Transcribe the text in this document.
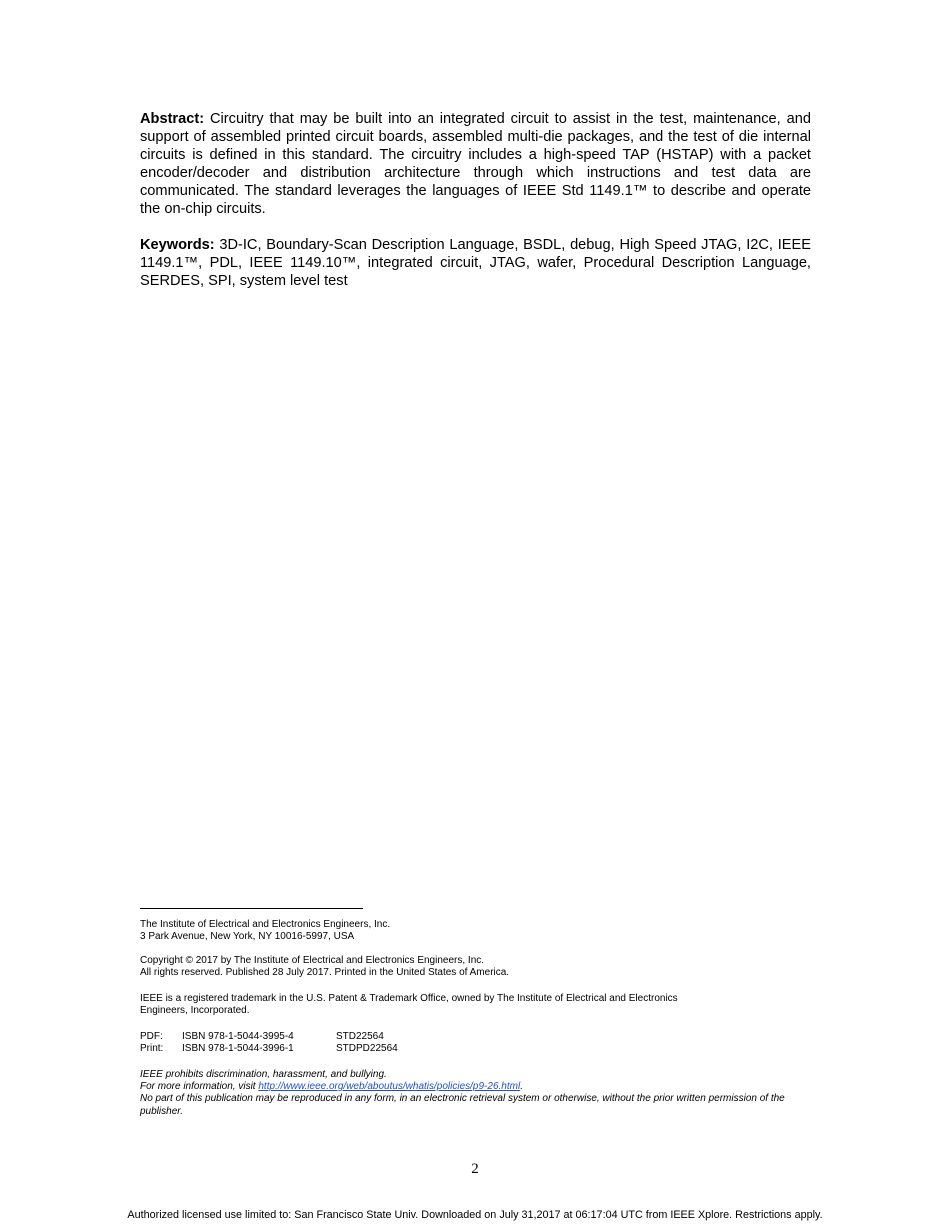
Abstract: Circuitry that may be built into an integrated circuit to assist in the test, maintenance, and support of assembled printed circuit boards, assembled multi-die packages, and the test of die internal circuits is defined in this standard. The circuitry includes a high-speed TAP (HSTAP) with a packet encoder/decoder and distribution architecture through which instructions and test data are communicated. The standard leverages the languages of IEEE Std 1149.1™ to describe and operate the on-chip circuits.
Keywords: 3D-IC, Boundary-Scan Description Language, BSDL, debug, High Speed JTAG, I2C, IEEE 1149.1™, PDL, IEEE 1149.10™, integrated circuit, JTAG, wafer, Procedural Description Language, SERDES, SPI, system level test
The Institute of Electrical and Electronics Engineers, Inc.
3 Park Avenue, New York, NY 10016-5997, USA
Copyright © 2017 by The Institute of Electrical and Electronics Engineers, Inc.
All rights reserved. Published 28 July 2017. Printed in the United States of America.
IEEE is a registered trademark in the U.S. Patent & Trademark Office, owned by The Institute of Electrical and Electronics
Engineers, Incorporated.
PDF:	ISBN 978-1-5044-3995-4	STD22564
Print:	ISBN 978-1-5044-3996-1	STDPD22564
IEEE prohibits discrimination, harassment, and bullying.
For more information, visit http://www.ieee.org/web/aboutus/whatis/policies/p9-26.html.
No part of this publication may be reproduced in any form, in an electronic retrieval system or otherwise, without the prior written permission of the publisher.
2
Authorized licensed use limited to: San Francisco State Univ. Downloaded on July 31,2017 at 06:17:04 UTC from IEEE Xplore. Restrictions apply.
